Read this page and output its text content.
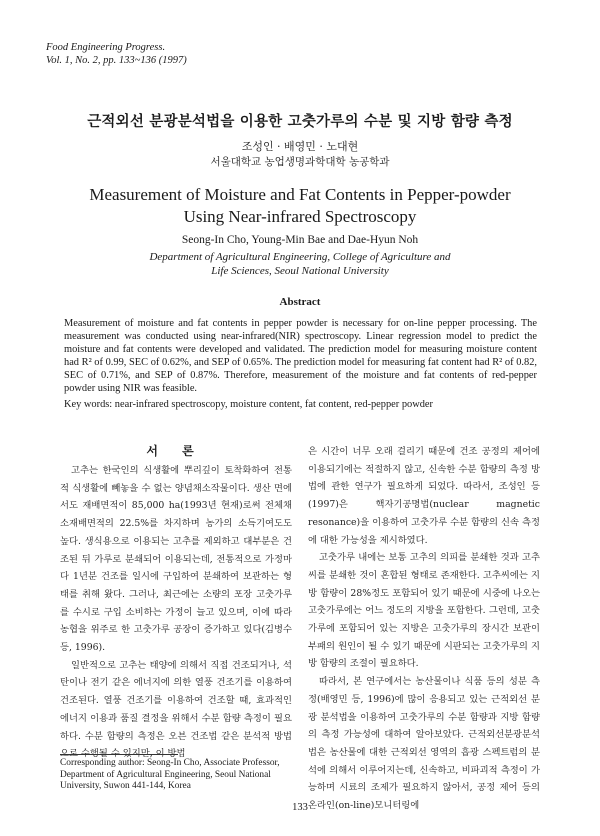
Food Engineering Progress.
Vol. 1, No. 2, pp. 133~136 (1997)
근적외선 분광분석법을 이용한 고춧가루의 수분 및 지방 함량 측정
조성인 · 배영민 · 노대현
서울대학교 농업생명과학대학 농공학과
Measurement of Moisture and Fat Contents in Pepper-powder
Using Near-infrared Spectroscopy
Seong-In Cho, Young-Min Bae and Dae-Hyun Noh
Department of Agricultural Engineering, College of Agriculture and
Life Sciences, Seoul National University
Abstract
Measurement of moisture and fat contents in pepper powder is necessary for on-line pepper processing. The measurement was conducted using near-infrared(NIR) spectroscopy. Linear regression model to predict the moisture and fat contents were developed and validated. The prediction model for measuring moisture content had R² of 0.99, SEC of 0.62%, and SEP of 0.65%. The prediction model for measuring fat content had R² of 0.82, SEC of 0.71%, and SEP of 0.87%. Therefore, measurement of the moisture and fat contents of red-pepper powder using NIR was feasible.
Key words: near-infrared spectroscopy, moisture content, fat content, red-pepper powder
서 론

고추는 한국인의 식생활에 뿌리깊이 토착화하여 전통적 식생활에 빼놓을 수 없는 양념채소작물이다. 생산 면에서도 재배면적이 85,000 ha(1993년 현재)로써 전체채소재배면적의 22.5%를 차지하며 농가의 소득기여도도 높다. 생식용으로 이용되는 고추를 제외하고 대부분은 건조된 뒤 가루로 분쇄되어 이용되는데, 전통적으로 가정마다 1년분 건조를 일시에 구입하여 분쇄하여 보관하는 형태를 취해 왔다. 그러나, 최근에는 소량의 포장 고춧가루를 수시로 구입 소비하는 가정이 늘고 있으며, 이에 따라 농협을 위주로 한 고춧가루 공장이 증가하고 있다(김병수 등, 1996).

일반적으로 고추는 태양에 의해서 직접 건조되거나, 석탄이나 전기 같은 에너지에 의한 열풍 건조기를 이용하여 건조된다. 열풍 건조기를 이용하여 건조할 때, 효과적인 에너지 이용과 품질 결정을 위해서 수분 함량 측정이 필요하다. 수분 함량의 측정은 오븐 건조법 같은 분석적 방법으로 수행될 수 있지만, 이 방법

은 시간이 너무 오래 걸리기 때문에 건조 공정의 제어에 이용되기에는 적절하지 않고, 신속한 수분 함량의 측정 방법에 관한 연구가 필요하게 되었다. 따라서, 조성인 등(1997)은 핵자기공명법(nuclear magnetic resonance)을 이용하여 고춧가루 수분 함량의 신속 측정에 대한 가능성을 제시하였다.

고춧가루 내에는 보통 고추의 의피를 분쇄한 것과 고추씨를 분쇄한 것이 혼합된 형태로 존재한다. 고추씨에는 지방 함량이 28%정도 포함되어 있기 때문에 시중에 나오는 고춧가루에는 어느 정도의 지방을 포함한다. 그런데, 고춧가루에 포함되어 있는 지방은 고춧가루의 장시간 보관이 부패의 원인이 될 수 있기 때문에 시판되는 고춧가루의 지방 함량의 조절이 필요하다.

따라서, 본 연구에서는 농산물이나 식품 등의 성분 측정(배영민 등, 1996)에 많이 응용되고 있는 근적외선 분광 분석법을 이용하여 고춧가루의 수분 함량과 지방 함량의 측정 가능성에 대하여 알아보았다. 근적외선분광분석법은 농산물에 대한 근적외선 영역의 흡광 스펙트럼의 분석에 의해서 이루어지는데, 신속하고, 비파괴적 측정이 가능하며 시료의 조제가 필요하지 않아서, 공정 제어 등의 온라인(on-line)모니터링에

Corresponding author: Seong-In Cho, Associate Professor, Department of Agricultural Engineering, Seoul National University, Suwon 441-144, Korea
133
